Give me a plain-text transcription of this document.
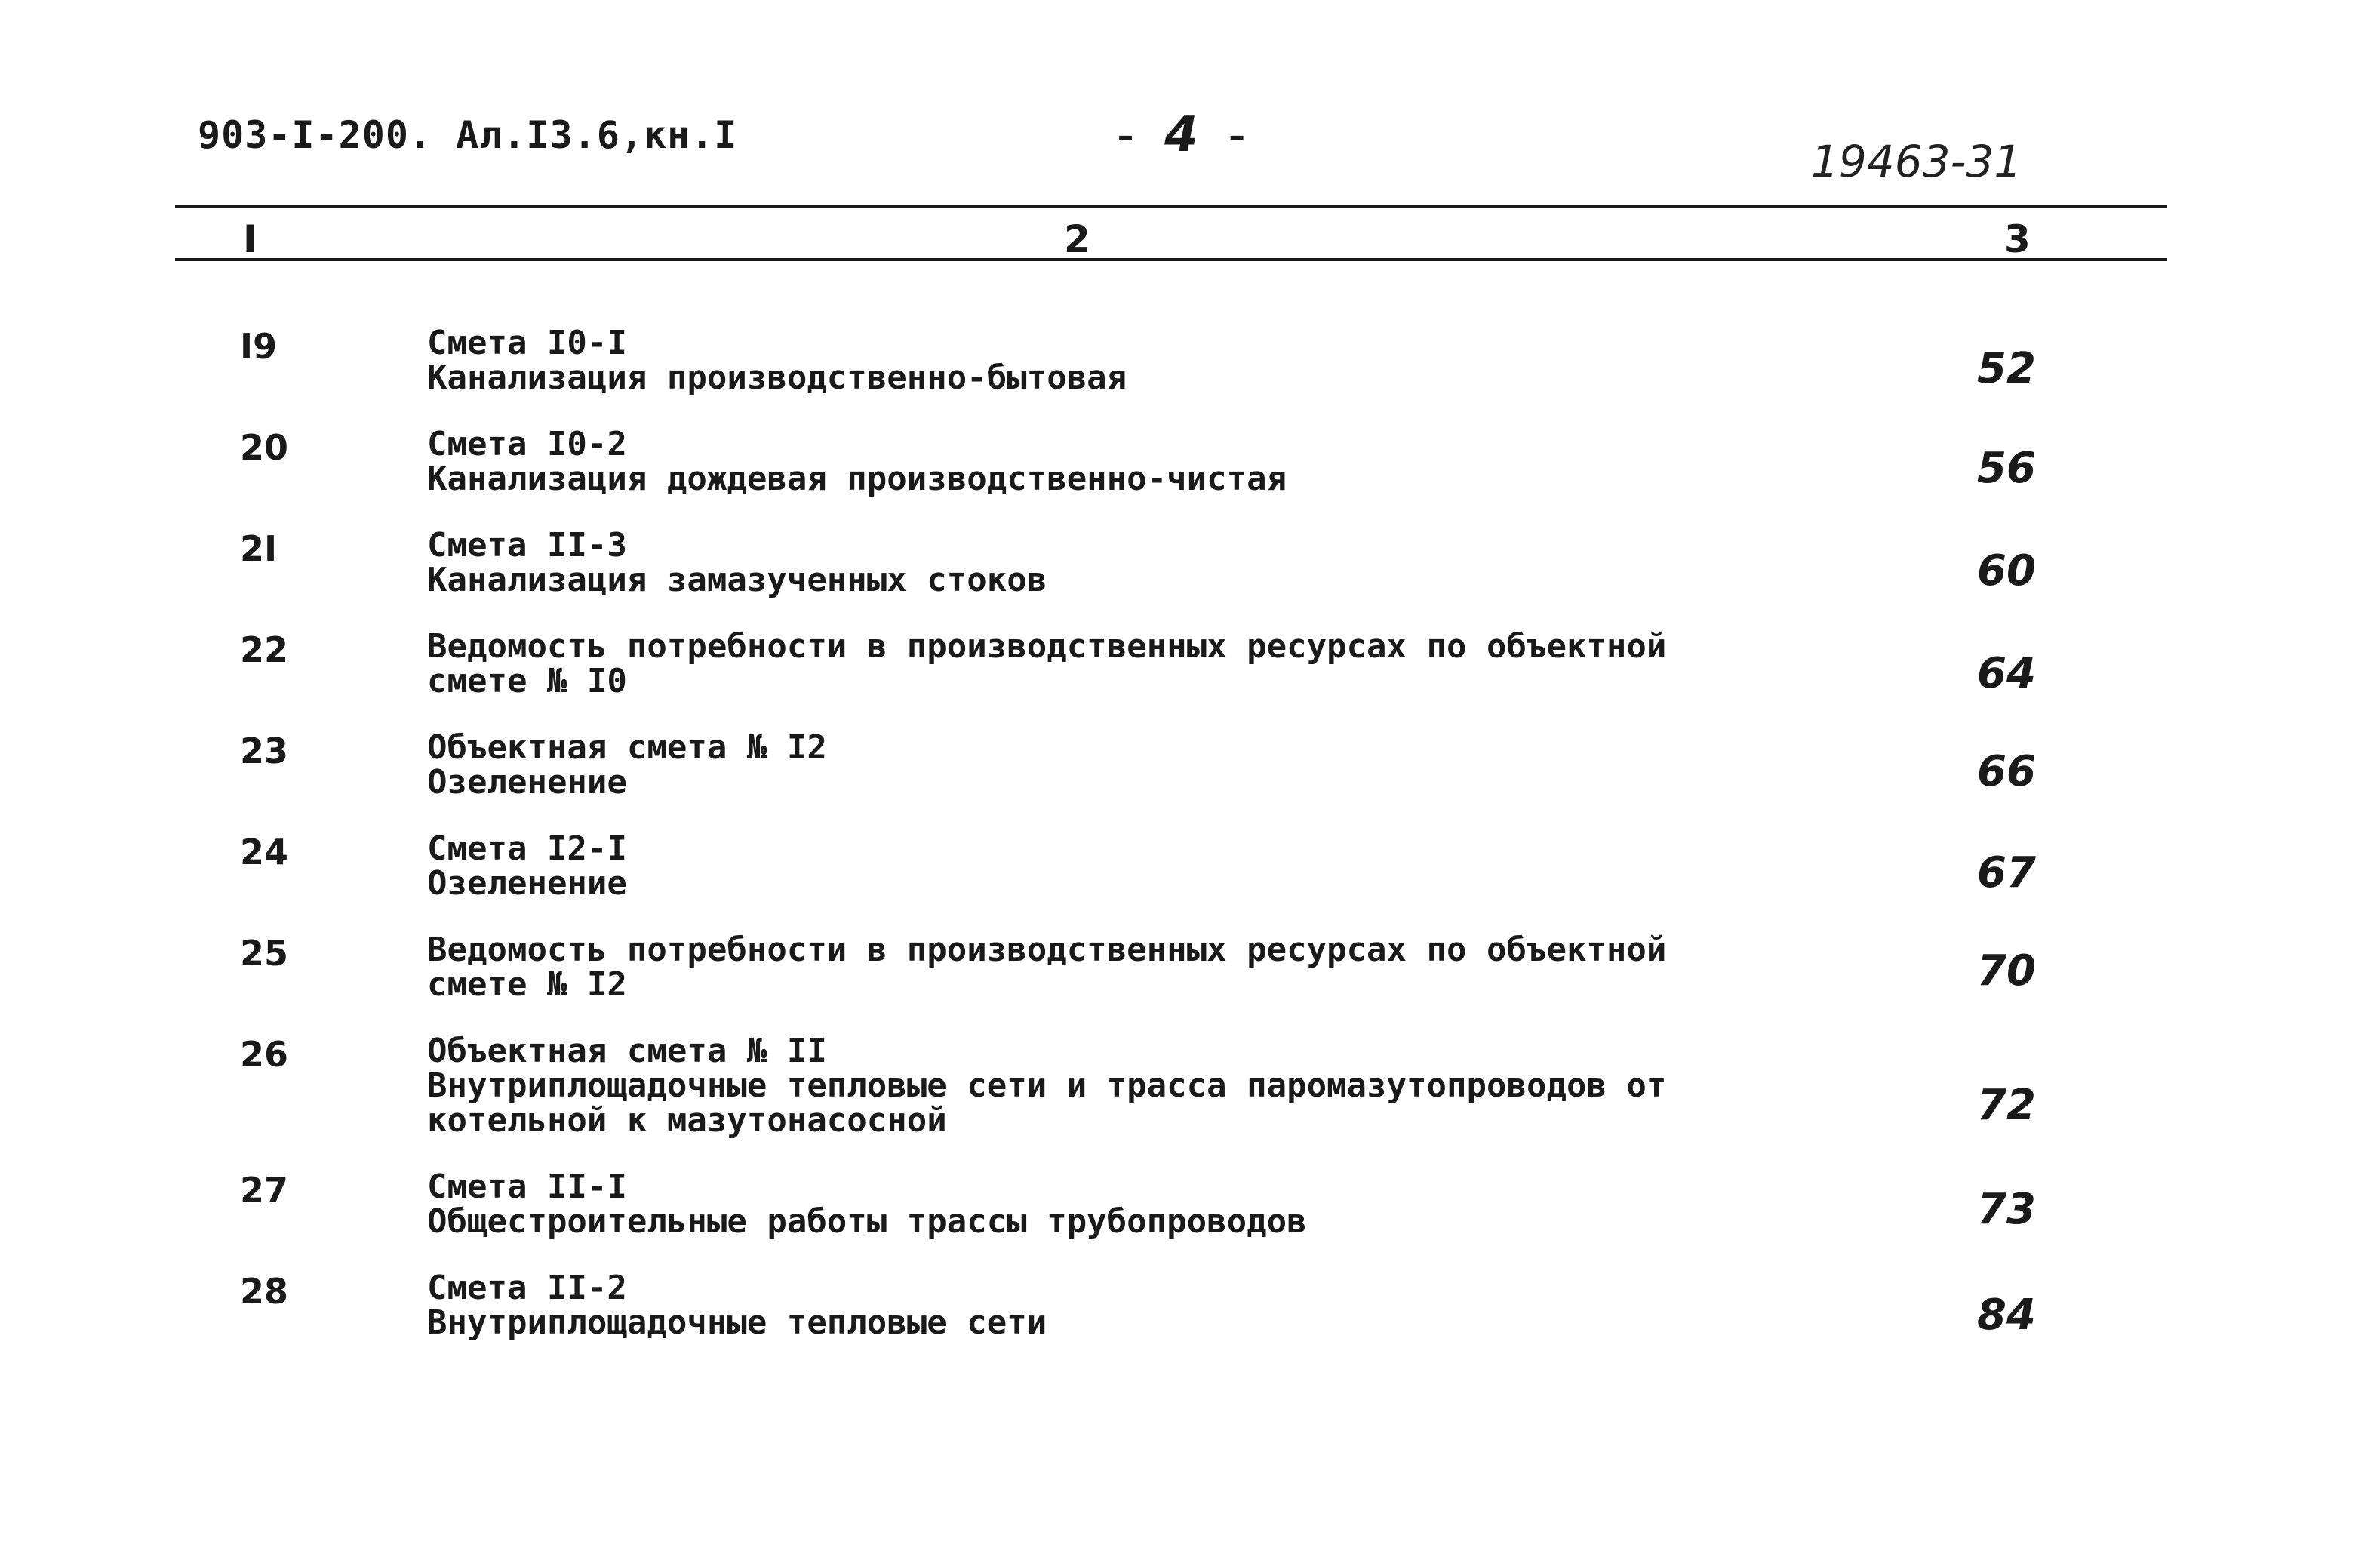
903-I-200. Ал.I3.6,кн.I	- 4 -	19463-31
I	2	3
I9	Смета I0-I
Канализация производственно-бытовая	52
20	Смета I0-2
Канализация дождевая производственно-чистая	56
2I	Смета II-3
Канализация замазученных стоков	60
22	Ведомость потребности в производственных ресурсах по объектной
смете № I0	64
23	Объектная смета № I2
Озеленение	66
24	Смета I2-I
Озеленение	67
25	Ведомость потребности в производственных ресурсах по объектной
смете № I2	70
26	Объектная смета № II
Внутриплощадочные тепловые сети и трасса паромазутопроводов от
котельной к мазутонасосной	72
27	Смета II-I
Общестроительные работы трассы трубопроводов	73
28	Смета II-2
Внутриплощадочные тепловые сети	84
